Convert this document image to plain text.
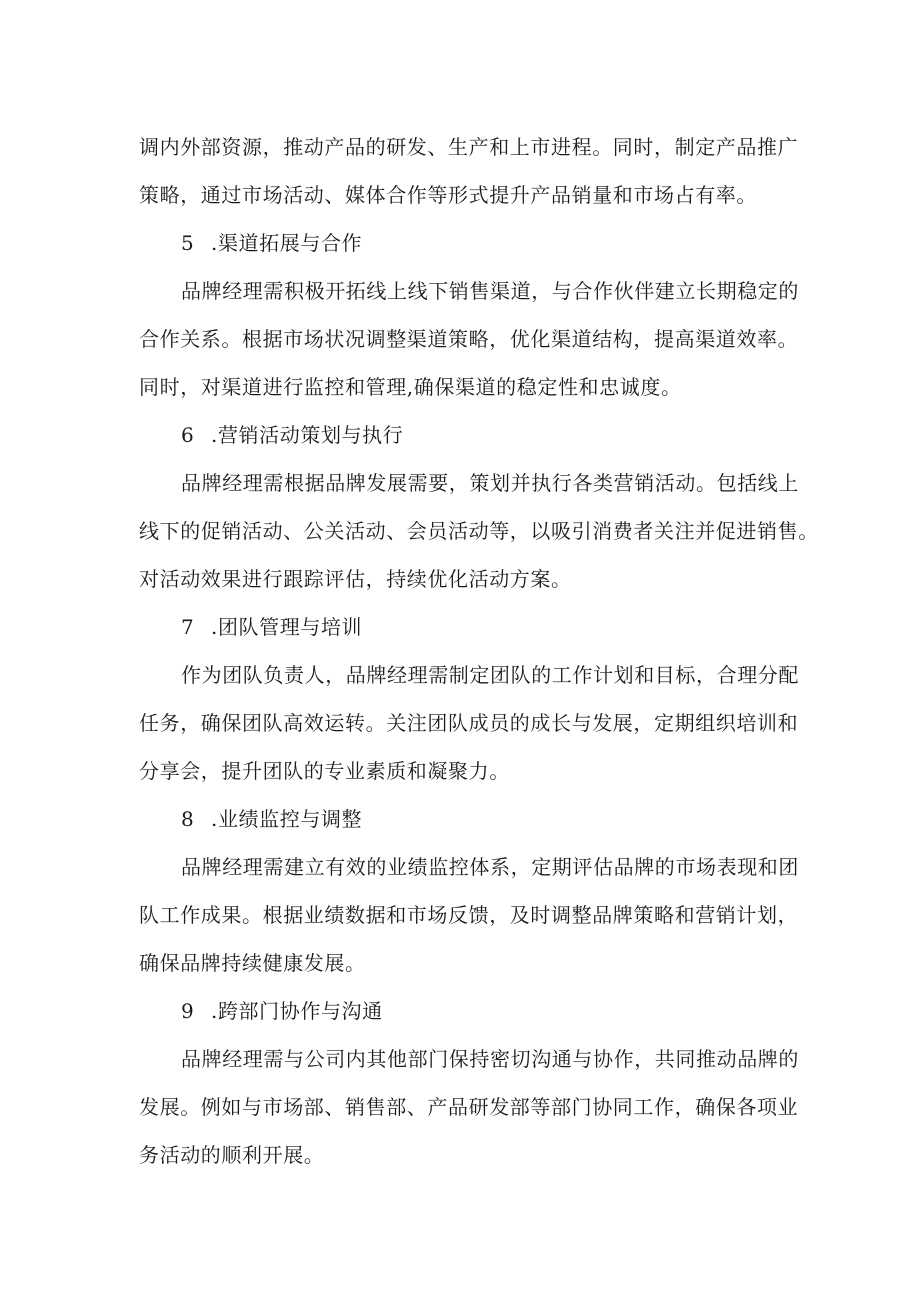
调内外部资源，推动产品的研发、生产和上市进程。同时，制定产品推广
策略，通过市场活动、媒体合作等形式提升产品销量和市场占有率。
5 .渠道拓展与合作
品牌经理需积极开拓线上线下销售渠道，与合作伙伴建立长期稳定的
合作关系。根据市场状况调整渠道策略，优化渠道结构，提高渠道效率。
同时，对渠道进行监控和管理,确保渠道的稳定性和忠诚度。
6 .营销活动策划与执行
品牌经理需根据品牌发展需要，策划并执行各类营销活动。包括线上
线下的促销活动、公关活动、会员活动等，以吸引消费者关注并促进销售。
对活动效果进行跟踪评估，持续优化活动方案。
7 .团队管理与培训
作为团队负责人，品牌经理需制定团队的工作计划和目标，合理分配
任务，确保团队高效运转。关注团队成员的成长与发展，定期组织培训和
分享会，提升团队的专业素质和凝聚力。
8 .业绩监控与调整
品牌经理需建立有效的业绩监控体系，定期评估品牌的市场表现和团
队工作成果。根据业绩数据和市场反馈，及时调整品牌策略和营销计划，
确保品牌持续健康发展。
9 .跨部门协作与沟通
品牌经理需与公司内其他部门保持密切沟通与协作，共同推动品牌的
发展。例如与市场部、销售部、产品研发部等部门协同工作，确保各项业
务活动的顺利开展。
